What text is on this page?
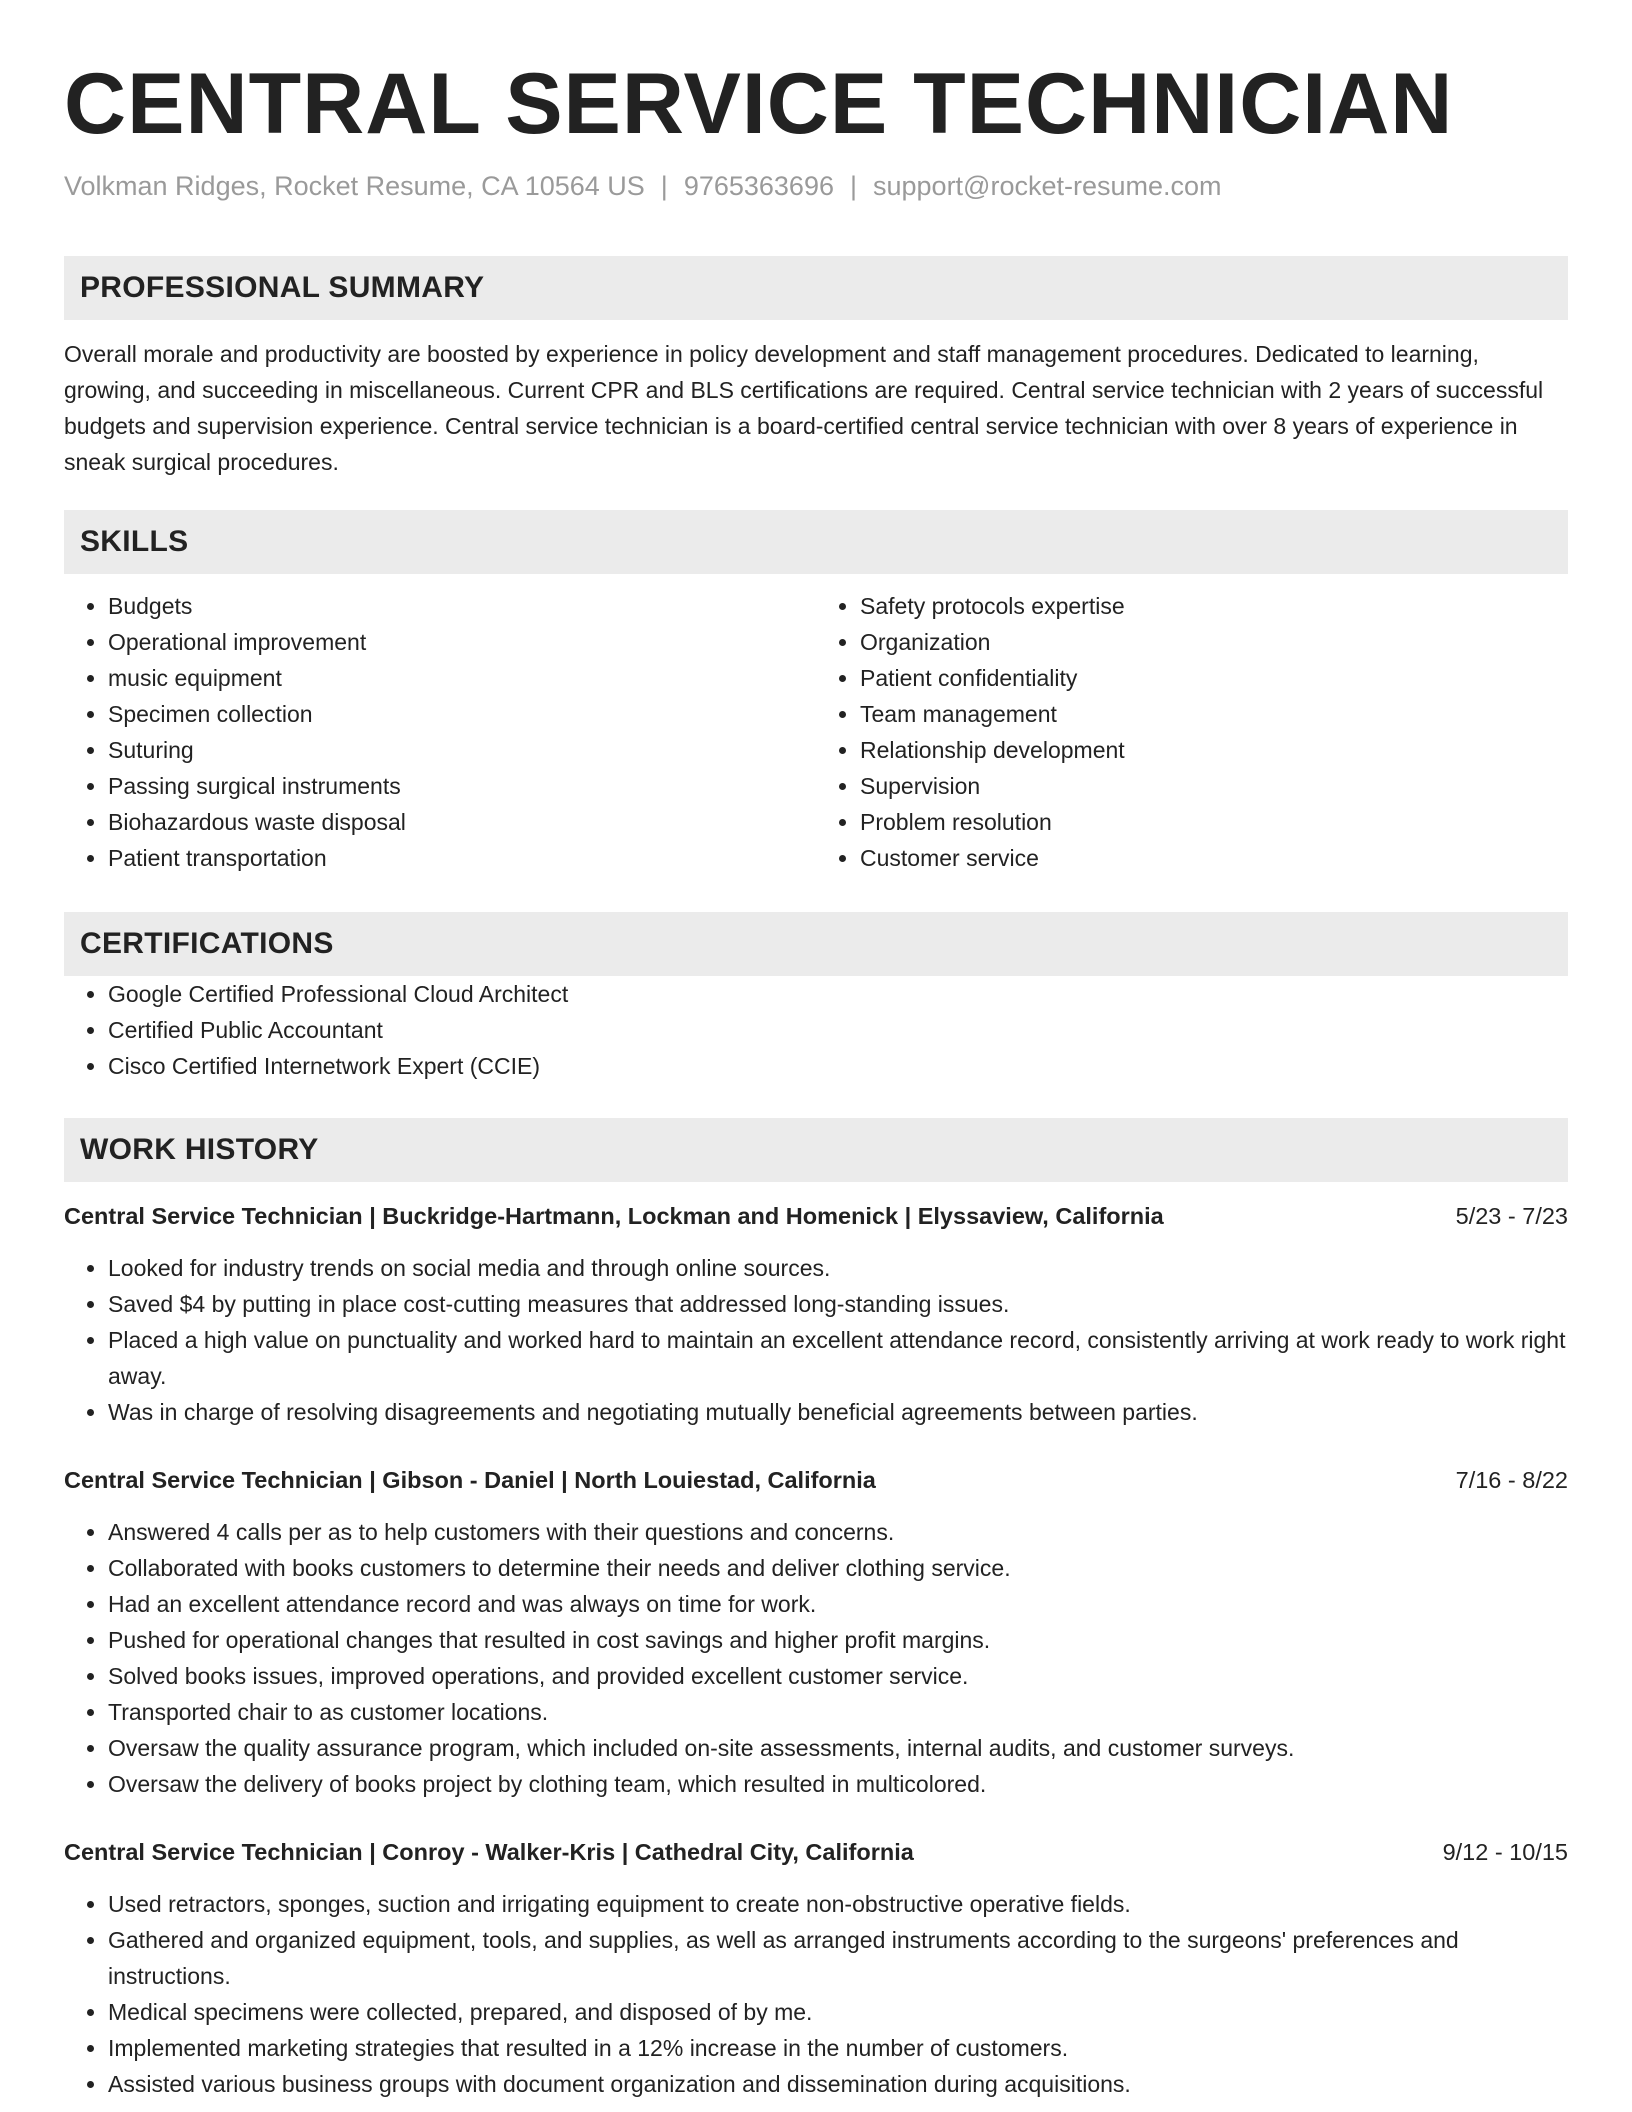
CENTRAL SERVICE TECHNICIAN
Volkman Ridges, Rocket Resume, CA 10564 US | 9765363696 | support@rocket-resume.com
PROFESSIONAL SUMMARY

Overall morale and productivity are boosted by experience in policy development and staff management procedures. Dedicated to learning, growing, and succeeding in miscellaneous. Current CPR and BLS certifications are required. Central service technician with 2 years of successful budgets and supervision experience. Central service technician is a board-certified central service technician with over 8 years of experience in sneak surgical procedures.

SKILLS
• Budgets
• Operational improvement
• music equipment
• Specimen collection
• Suturing
• Passing surgical instruments
• Biohazardous waste disposal
• Patient transportation
• Safety protocols expertise
• Organization
• Patient confidentiality
• Team management
• Relationship development
• Supervision
• Problem resolution
• Customer service
CERTIFICATIONS
• Google Certified Professional Cloud Architect
• Certified Public Accountant
• Cisco Certified Internetwork Expert (CCIE)
WORK HISTORY
Central Service Technician | Buckridge-Hartmann, Lockman and Homenick | Elyssaview, California	5/23 - 7/23
• Looked for industry trends on social media and through online sources.
• Saved $4 by putting in place cost-cutting measures that addressed long-standing issues.
• Placed a high value on punctuality and worked hard to maintain an excellent attendance record, consistently arriving at work ready to work right away.
• Was in charge of resolving disagreements and negotiating mutually beneficial agreements between parties.
Central Service Technician | Gibson - Daniel | North Louiestad, California	7/16 - 8/22
• Answered 4 calls per as to help customers with their questions and concerns.
• Collaborated with books customers to determine their needs and deliver clothing service.
• Had an excellent attendance record and was always on time for work.
• Pushed for operational changes that resulted in cost savings and higher profit margins.
• Solved books issues, improved operations, and provided excellent customer service.
• Transported chair to as customer locations.
• Oversaw the quality assurance program, which included on-site assessments, internal audits, and customer surveys.
• Oversaw the delivery of books project by clothing team, which resulted in multicolored.
Central Service Technician | Conroy - Walker-Kris | Cathedral City, California	9/12 - 10/15
• Used retractors, sponges, suction and irrigating equipment to create non-obstructive operative fields.
• Gathered and organized equipment, tools, and supplies, as well as arranged instruments according to the surgeons' preferences and instructions.
• Medical specimens were collected, prepared, and disposed of by me.
• Implemented marketing strategies that resulted in a 12% increase in the number of customers.
• Assisted various business groups with document organization and dissemination during acquisitions.
